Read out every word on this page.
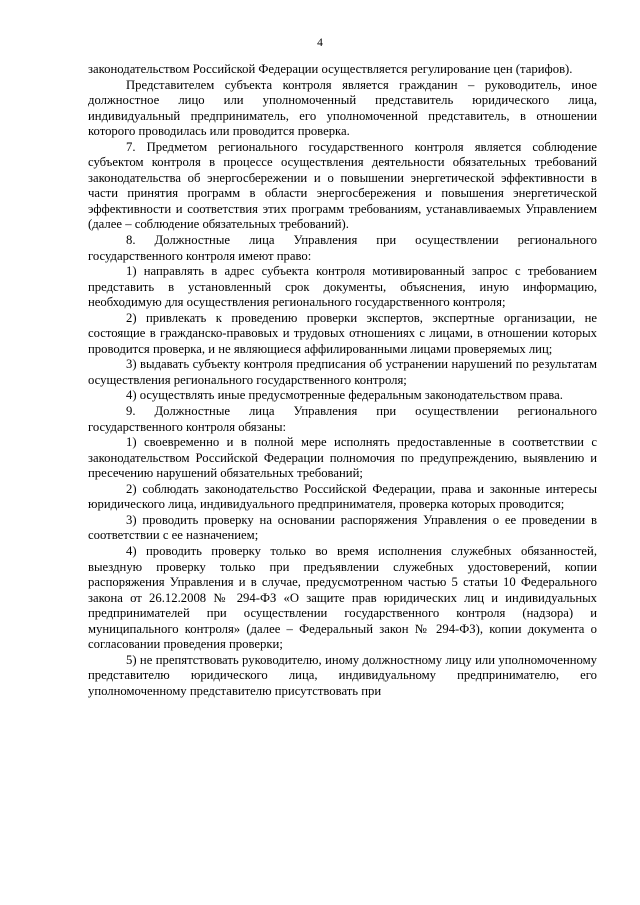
4

законодательством Российской Федерации осуществляется регулирование цен (тарифов).

Представителем субъекта контроля является гражданин – руководитель, иное должностное лицо или уполномоченный представитель юридического лица, индивидуальный предприниматель, его уполномоченной представитель, в отношении которого проводилась или проводится проверка.

7. Предметом регионального государственного контроля является соблюдение субъектом контроля в процессе осуществления деятельности обязательных требований законодательства об энергосбережении и о повышении энергетической эффективности в части принятия программ в области энергосбережения и повышения энергетической эффективности и соответствия этих программ требованиям, устанавливаемых Управлением (далее – соблюдение обязательных требований).

8. Должностные лица Управления при осуществлении регионального государственного контроля имеют право:

1) направлять в адрес субъекта контроля мотивированный запрос с требованием представить в установленный срок документы, объяснения, иную информацию, необходимую для осуществления регионального государственного контроля;

2) привлекать к проведению проверки экспертов, экспертные организации, не состоящие в гражданско-правовых и трудовых отношениях с лицами, в отношении которых проводится проверка, и не являющиеся аффилированными лицами проверяемых лиц;

3) выдавать субъекту контроля предписания об устранении нарушений по результатам осуществления регионального государственного контроля;

4) осуществлять иные предусмотренные федеральным законодательством права.

9. Должностные лица Управления при осуществлении регионального государственного контроля обязаны:

1) своевременно и в полной мере исполнять предоставленные в соответствии с законодательством Российской Федерации полномочия по предупреждению, выявлению и пресечению нарушений обязательных требований;

2) соблюдать законодательство Российской Федерации, права и законные интересы юридического лица, индивидуального предпринимателя, проверка которых проводится;

3) проводить проверку на основании распоряжения Управления о ее проведении в соответствии с ее назначением;

4) проводить проверку только во время исполнения служебных обязанностей, выездную проверку только при предъявлении служебных удостоверений, копии распоряжения Управления и в случае, предусмотренном частью 5 статьи 10 Федерального закона от 26.12.2008 № 294-ФЗ «О защите прав юридических лиц и индивидуальных предпринимателей при осуществлении государственного контроля (надзора) и муниципального контроля» (далее – Федеральный закон № 294-ФЗ), копии документа о согласовании проведения проверки;

5) не препятствовать руководителю, иному должностному лицу или уполномоченному представителю юридического лица, индивидуальному предпринимателю, его уполномоченному представителю присутствовать при
